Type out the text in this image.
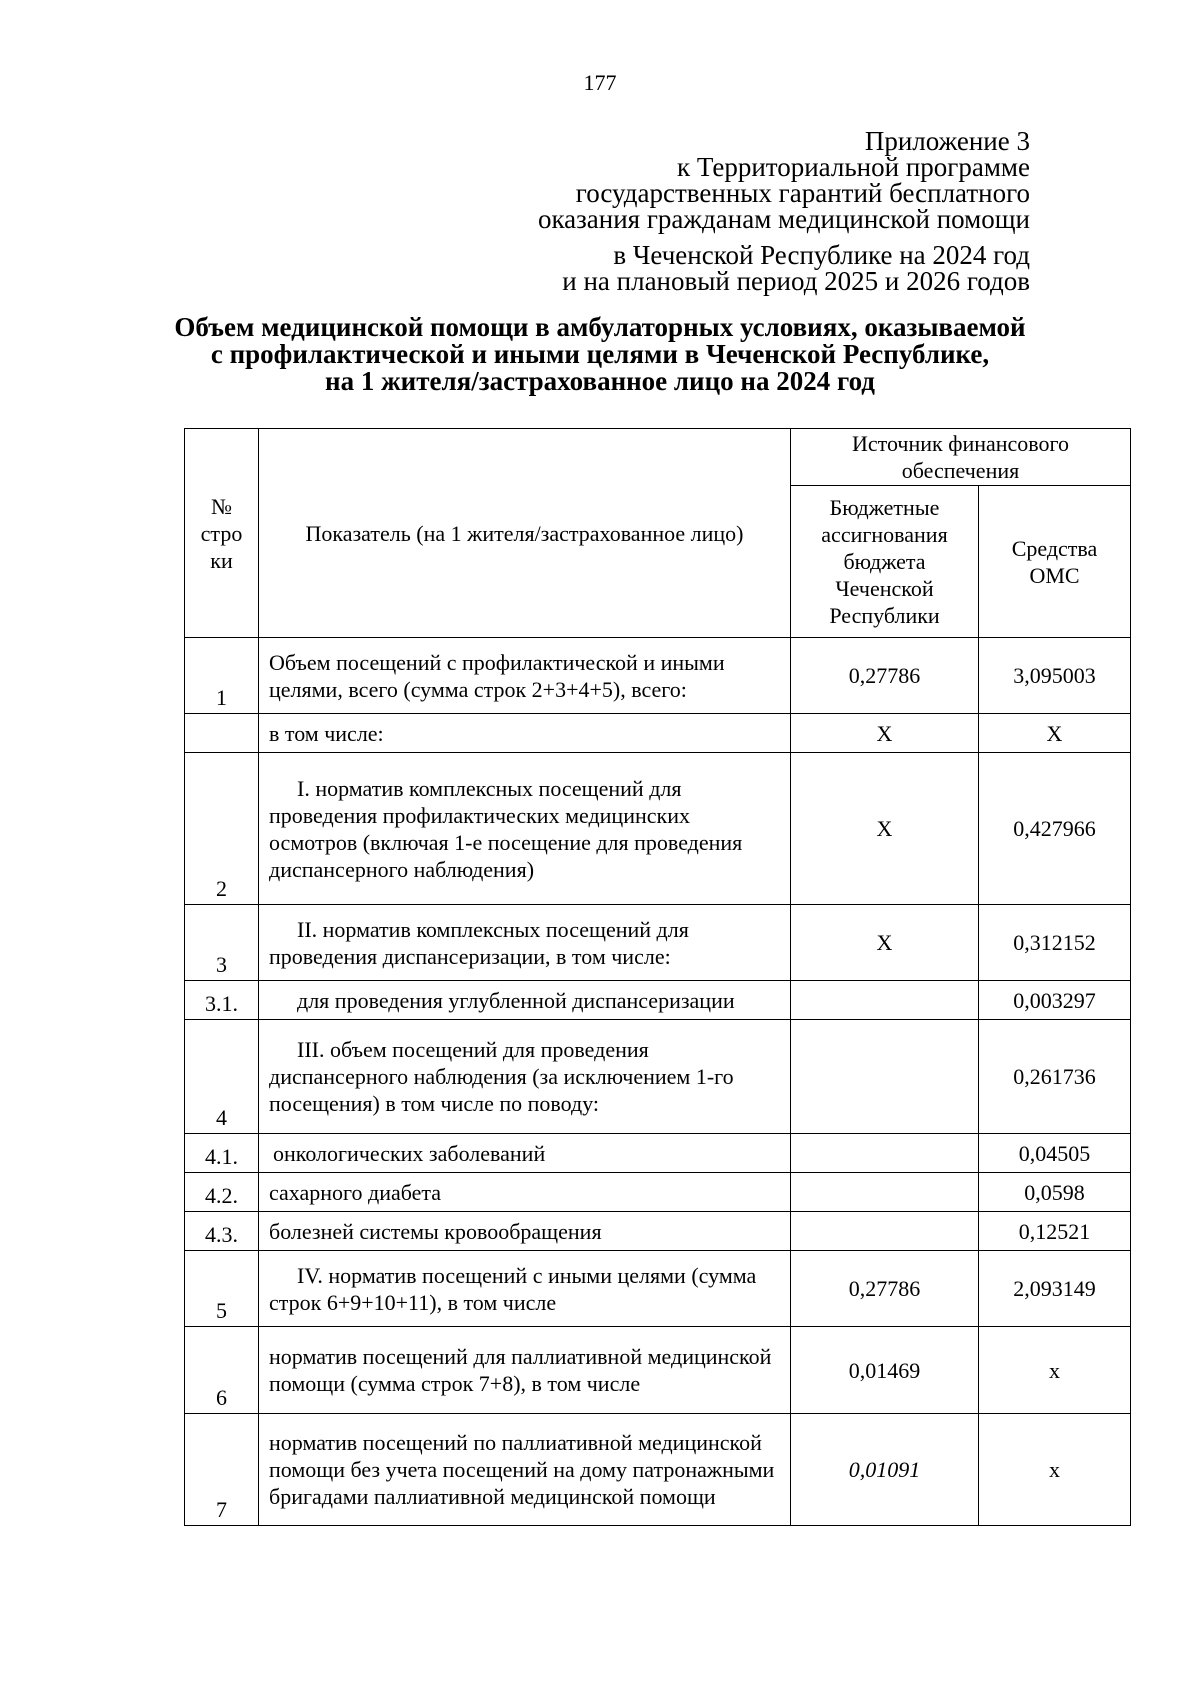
177
Приложение 3
к Территориальной программе
государственных гарантий бесплатного
оказания гражданам медицинской помощи
в Чеченской Республике на 2024 год
и на плановый период 2025 и 2026 годов
Объем медицинской помощи в амбулаторных условиях, оказываемой
с профилактической и иными целями в Чеченской Республике,
на 1 жителя/застрахованное лицо на 2024 год
№
стро
ки	Показатель (на 1 жителя/застрахованное лицо)	Источник финансового обеспечения	
		Бюджетные ассигнования бюджета Чеченской Республики	Средства ОМС
1	Объем посещений с профилактической и иными целями, всего (сумма строк 2+3+4+5), всего:	0,27786	3,095003
	в том числе:	X	X
2	I. норматив комплексных посещений для проведения профилактических медицинских осмотров (включая 1-е посещение для проведения диспансерного наблюдения)	X	0,427966
3	II. норматив комплексных посещений для проведения диспансеризации, в том числе:	X	0,312152
3.1.	для проведения углубленной диспансеризации		0,003297
4	III. объем посещений для проведения диспансерного наблюдения (за исключением 1-го посещения) в том числе по поводу:		0,261736
4.1.	онкологических заболеваний		0,04505
4.2.	сахарного диабета		0,0598
4.3.	болезней системы кровообращения		0,12521
5	IV. норматив посещений с иными целями (сумма строк 6+9+10+11), в том числе	0,27786	2,093149
6	норматив посещений для паллиативной медицинской помощи (сумма строк 7+8), в том числе	0,01469	х
7	норматив посещений по паллиативной медицинской помощи без учета посещений на дому патронажными бригадами паллиативной медицинской помощи	0,01091	х
